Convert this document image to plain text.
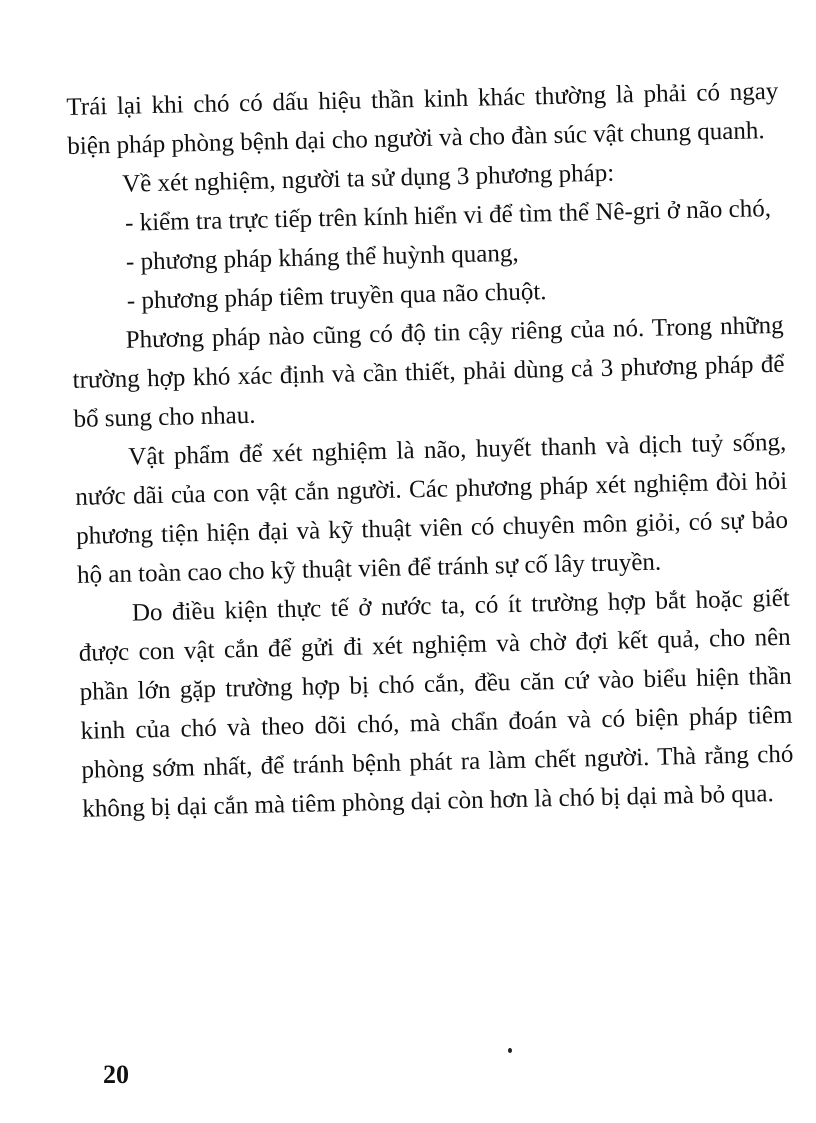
Trái lại khi chó có dấu hiệu thần kinh khác thường là phải có ngay biện pháp phòng bệnh dại cho người và cho đàn súc vật chung quanh.

Về xét nghiệm, người ta sử dụng 3 phương pháp:

- kiểm tra trực tiếp trên kính hiển vi để tìm thể Nê-gri ở não chó,

- phương pháp kháng thể huỳnh quang,

- phương pháp tiêm truyền qua não chuột.

Phương pháp nào cũng có độ tin cậy riêng của nó. Trong những trường hợp khó xác định và cần thiết, phải dùng cả 3 phương pháp để bổ sung cho nhau.

Vật phẩm để xét nghiệm là não, huyết thanh và dịch tuỷ sống, nước dãi của con vật cắn người. Các phương pháp xét nghiệm đòi hỏi phương tiện hiện đại và kỹ thuật viên có chuyên môn giỏi, có sự bảo hộ an toàn cao cho kỹ thuật viên để tránh sự cố lây truyền.

Do điều kiện thực tế ở nước ta, có ít trường hợp bắt hoặc giết được con vật cắn để gửi đi xét nghiệm và chờ đợi kết quả, cho nên phần lớn gặp trường hợp bị chó cắn, đều căn cứ vào biểu hiện thần kinh của chó và theo dõi chó, mà chẩn đoán và có biện pháp tiêm phòng sớm nhất, để tránh bệnh phát ra làm chết người. Thà rằng chó không bị dại cắn mà tiêm phòng dại còn hơn là chó bị dại mà bỏ qua.

20
